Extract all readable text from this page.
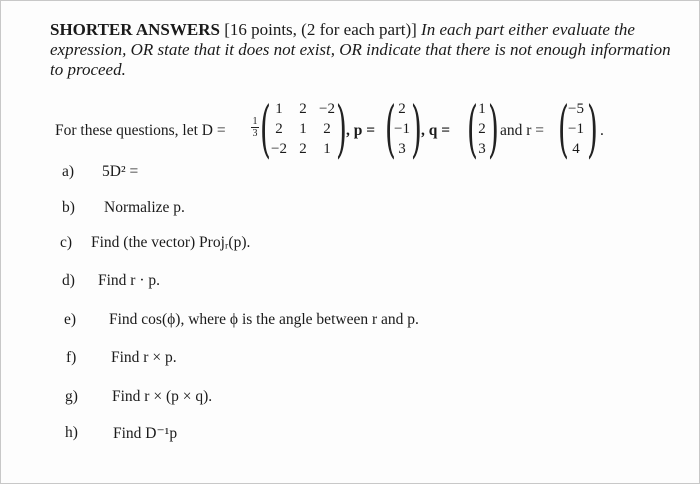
SHORTER ANSWERS [16 points, (2 for each part)] In each part either evaluate the expression, OR state that it does not exist, OR indicate that there is not enough information to proceed.
For these questions, let D =	$\frac{1}{3}$ ( 1	2 −2
2	1	2
−2 2	1 ) , p = ( 2
−1
3 ) , q = ( 1
2
3 ) and r = ( −5
−1
4 ) .
a) 5D² =
b) Normalize p.
c) Find (the vector) Projᵣ(p).
d) Find r · p.
e) Find cos(ϕ), where ϕ is the angle between r and p.
f) Find r × p.
g) Find r × (p × q).
h) Find D⁻¹p
